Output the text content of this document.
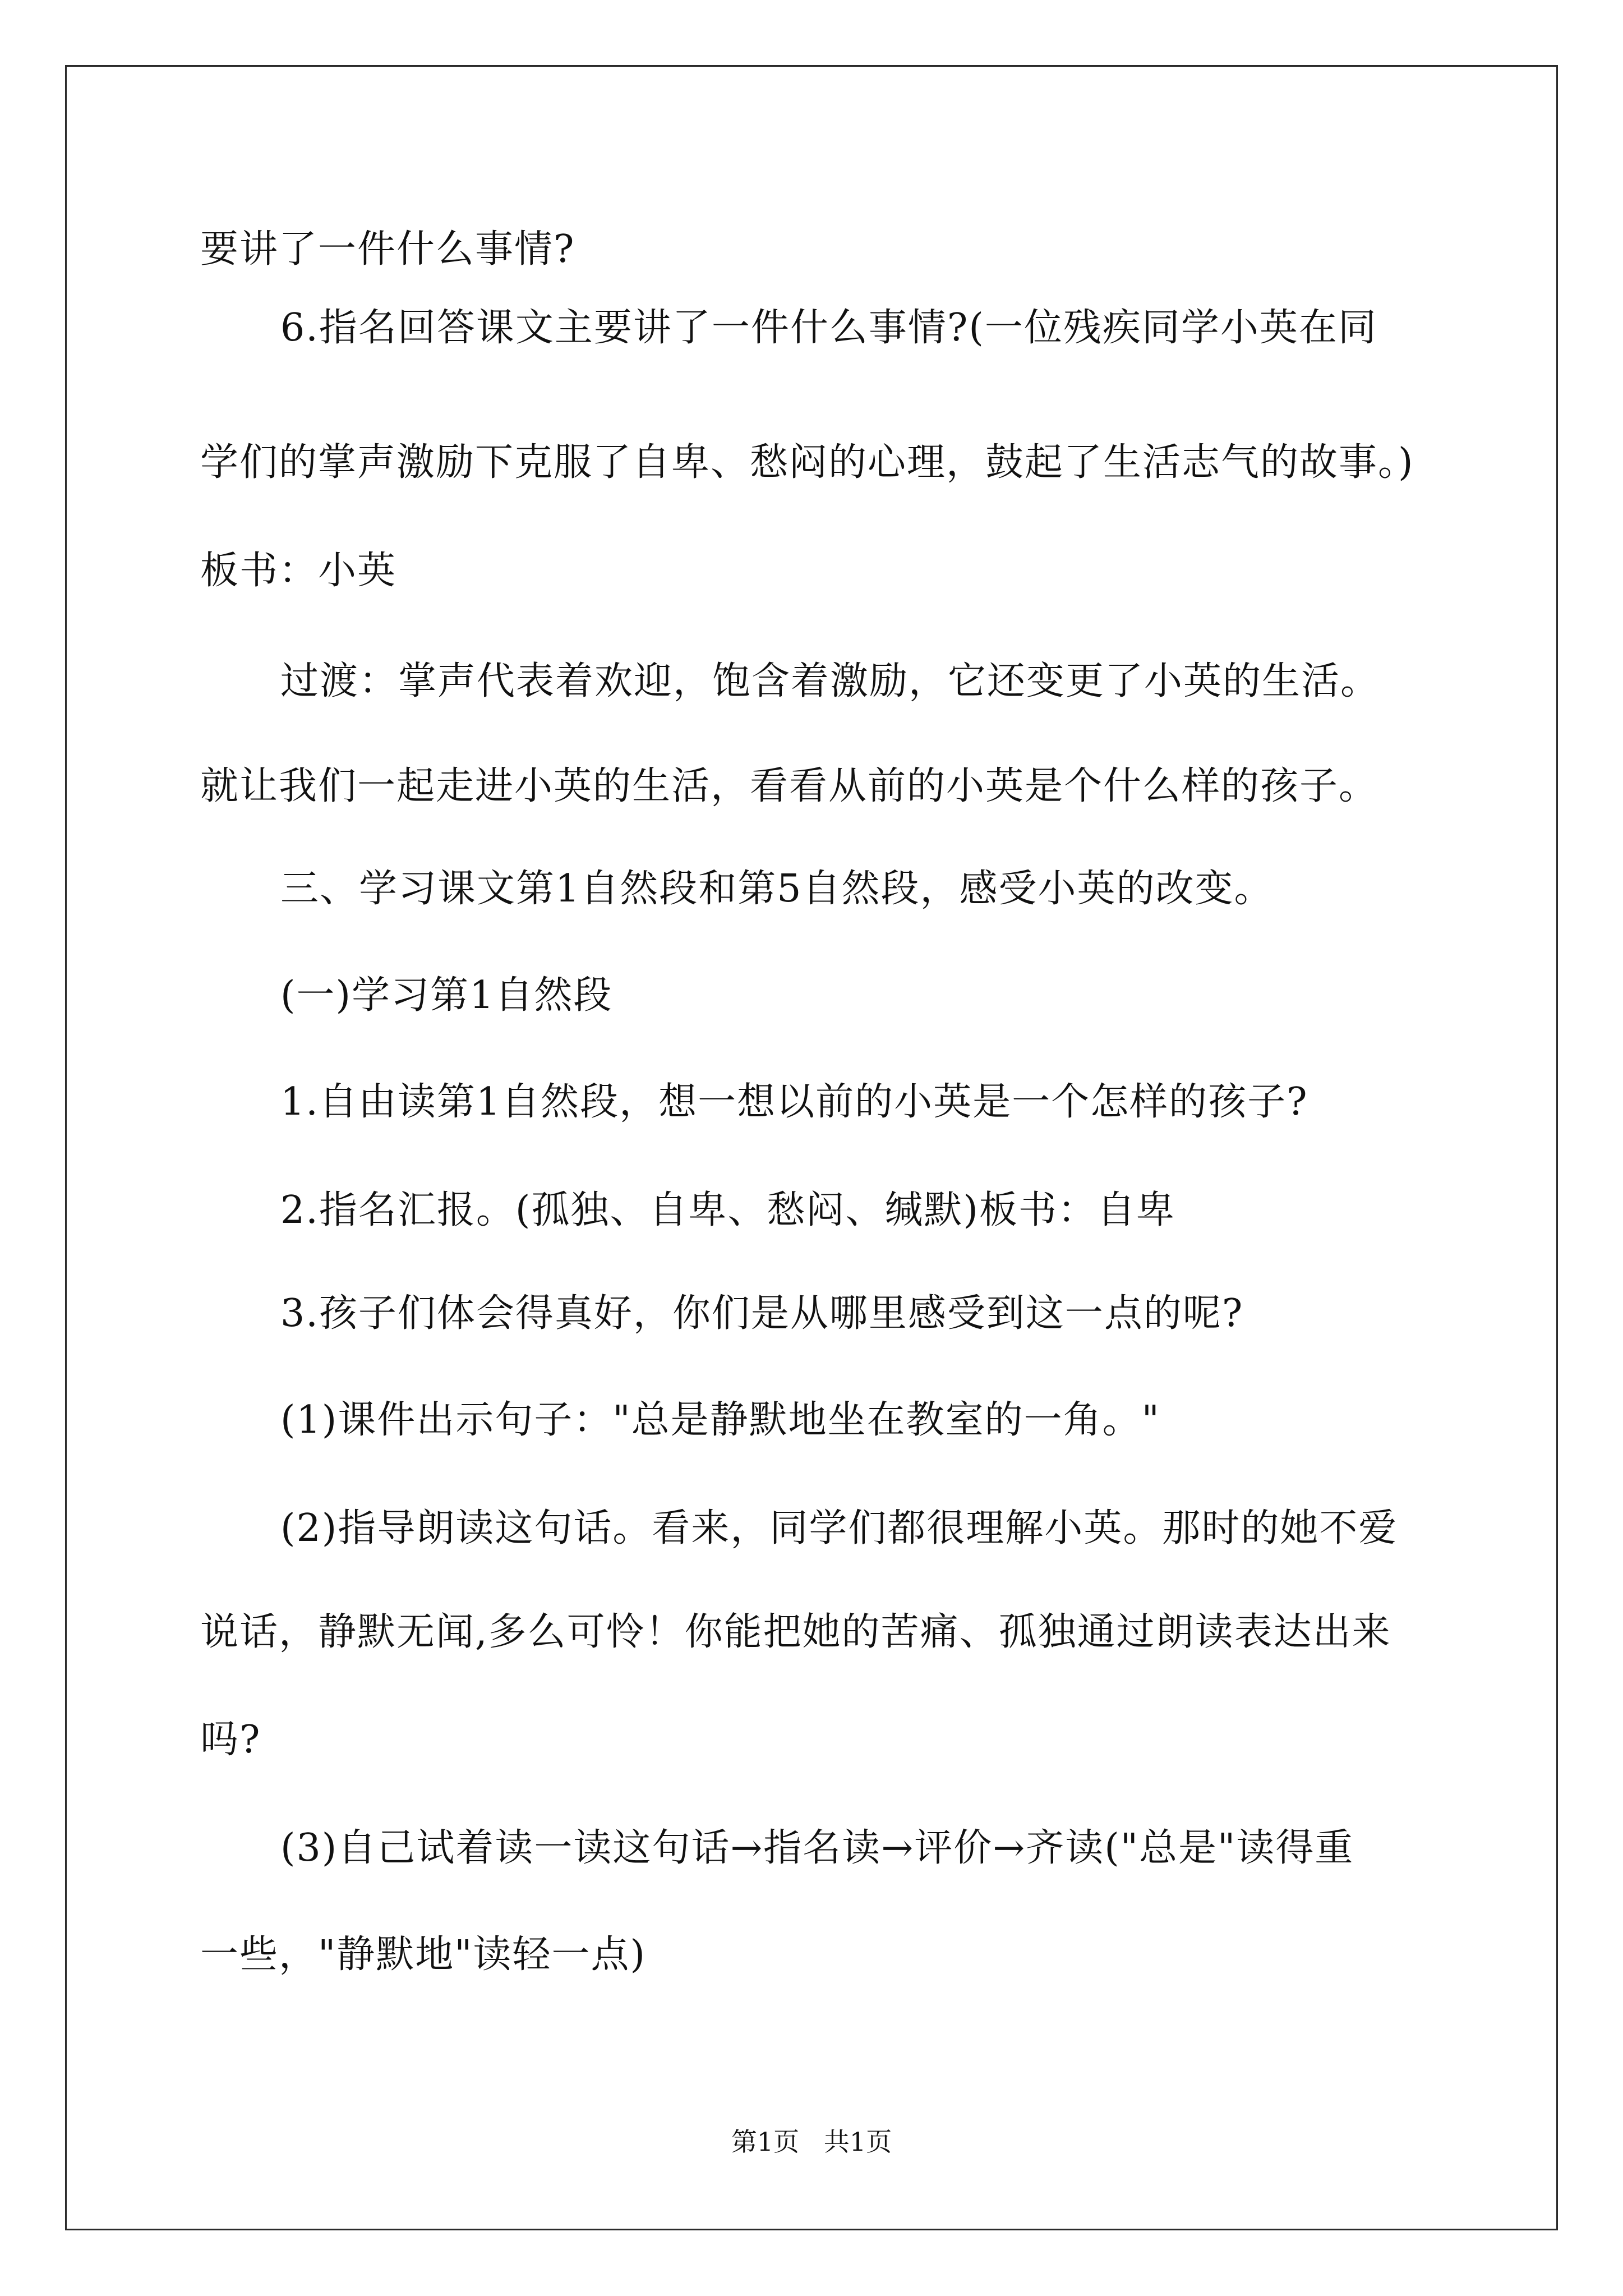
要讲了一件什么事情?

6.指名回答课文主要讲了一件什么事情?(一位残疾同学小英在同

学们的掌声激励下克服了自卑、愁闷的心理，鼓起了生活志气的故事。)

板书：小英

过渡：掌声代表着欢迎，饱含着激励，它还变更了小英的生活。

就让我们一起走进小英的生活，看看从前的小英是个什么样的孩子。

三、学习课文第1自然段和第5自然段，感受小英的改变。

(一)学习第1自然段

1.自由读第1自然段，想一想以前的小英是一个怎样的孩子?

2.指名汇报。(孤独、自卑、愁闷、缄默)板书：自卑

3.孩子们体会得真好，你们是从哪里感受到这一点的呢?

(1)课件出示句子："总是静默地坐在教室的一角。"

(2)指导朗读这句话。看来，同学们都很理解小英。那时的她不爱

说话，静默无闻,多么可怜！你能把她的苦痛、孤独通过朗读表达出来

吗?

(3)自己试着读一读这句话→指名读→评价→齐读("总是"读得重

一些，"静默地"读轻一点)

第1页   共1页
